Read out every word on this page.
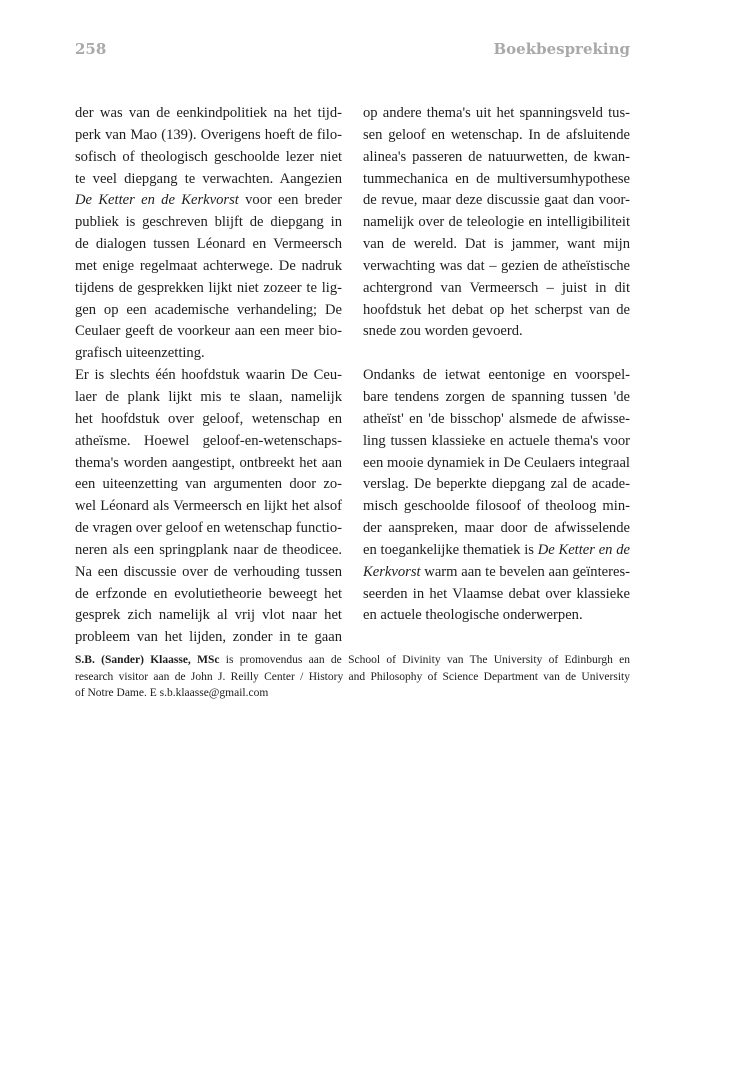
258	Boekbespreking
der was van de eenkindpolitiek na het tijd-
perk van Mao (139). Overigens hoeft de filo-
sofisch of theologisch geschoolde lezer niet
te veel diepgang te verwachten. Aangezien
De Ketter en de Kerkvorst voor een breder
publiek is geschreven blijft de diepgang in
de dialogen tussen Léonard en Vermeersch
met enige regelmaat achterwege. De nadruk
tijdens de gesprekken lijkt niet zozeer te lig-
gen op een academische verhandeling; De
Ceulaer geeft de voorkeur aan een meer bio-
grafisch uiteenzetting.
Er is slechts één hoofdstuk waarin De Ceu-
laer de plank lijkt mis te slaan, namelijk
het hoofdstuk over geloof, wetenschap en
atheïsme. Hoewel geloof-en-wetenschaps-
thema's worden aangestipt, ontbreekt het aan
een uiteenzetting van argumenten door zo-
wel Léonard als Vermeersch en lijkt het alsof
de vragen over geloof en wetenschap functio-
neren als een springplank naar de theodicee.
Na een discussie over de verhouding tussen
de erfzonde en evolutietheorie beweegt het
gesprek zich namelijk al vrij vlot naar het
probleem van het lijden, zonder in te gaan
op andere thema's uit het spanningsveld tus-
sen geloof en wetenschap. In de afsluitende
alinea's passeren de natuurwetten, de kwan-
tummechanica en de multiversumhypothese
de revue, maar deze discussie gaat dan voor-
namelijk over de teleologie en intelligibiliteit
van de wereld. Dat is jammer, want mijn
verwachting was dat – gezien de atheïstische
achtergrond van Vermeersch – juist in dit
hoofdstuk het debat op het scherpst van de
snede zou worden gevoerd.
Ondanks de ietwat eentonige en voorspel-
bare tendens zorgen de spanning tussen 'de
atheïst' en 'de bisschop' alsmede de afwisse-
ling tussen klassieke en actuele thema's voor
een mooie dynamiek in De Ceulaers integraal
verslag. De beperkte diepgang zal de acade-
misch geschoolde filosoof of theoloog min-
der aanspreken, maar door de afwisselende
en toegankelijke thematiek is De Ketter en de
Kerkvorst warm aan te bevelen aan geïnteres-
seerden in het Vlaamse debat over klassieke
en actuele theologische onderwerpen.
S.B. (Sander) Klaasse, MSc is promovendus aan de School of Divinity van The University of Edinburgh en
research visitor aan de John J. Reilly Center / History and Philosophy of Science Department van de University
of Notre Dame. E s.b.klaasse@gmail.com
